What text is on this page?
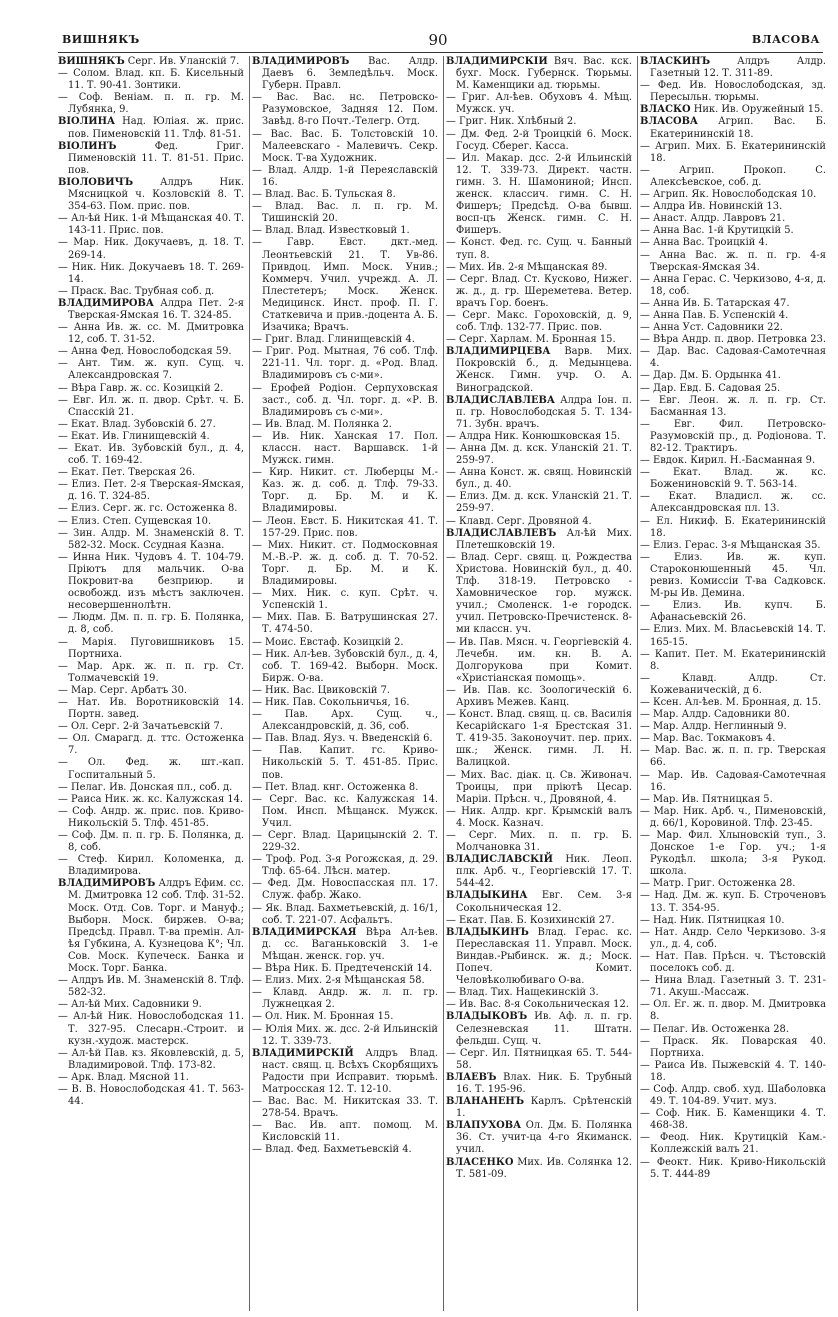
ВИШНЯКЪ	90	ВЛАСОВА

ВИШНЯКЪ Серг. Ив. Уланскій 7.

— Солом. Влад. кп. Б. Кисельный 11. Т. 90-41. Зонтики.

— Соф. Веніам. п. п. гр. М. Лубянка, 9.

ВІОЛИНА Над. Юліая. ж. прис. пов. Пименовскій 11. Тлф. 81-51.

ВІОЛИНЪ Фед. Григ. Пименовскій 11. Т. 81-51. Прис. пов.

ВІОЛОВИЧЪ Алдръ Ник. Мясницкой ч. Козловскій 8. Т. 354-63. Пом. прис. пов.

— Ал-ѣй Ник. 1-й Мѣщанская 40. Т. 143-11. Прис. пов.

— Мар. Ник. Докучаевъ, д. 18. Т. 269-14.

— Ник. Ник. Докучаевъ 18. Т. 269-14.

— Праск. Вас. Трубная соб. д.

ВЛАДИМИРОВА Алдра Пет. 2-я Тверская-Ямская 16. Т. 324-85.

— Анна Ив. ж. сс. М. Дмитровка 12, соб. Т. 31-52.

— Анна Фед. Новослободская 59.

— Ант. Тим. ж. куп. Сущ. ч. Александровская 7.

— Вѣра Гавр. ж. сс. Козицкій 2.

— Евг. Ил. ж. п. двор. Срѣт. ч. Б. Спасскій 21.

— Екат. Влад. Зубовскій б. 27.

— Екат. Ив. Глинищевскій 4.

— Екат. Ив. Зубовскій бул., д. 4, соб. Т. 169-42.

— Екат. Пет. Тверская 26.

— Елиз. Пет. 2-я Тверская-Ямская, д. 16. Т. 324-85.

— Елиз. Серг. ж. гс. Остоженка 8.

— Елиз. Степ. Сущевская 10.

— Зин. Алдр. М. Знаменскій 8. Т. 582-32. Моск. Ссудная Казна.

— Инна Ник. Чудовъ 4. Т. 104-79. Пріютъ для мальчик. О-ва Покровит-ва безприюр. и освобожд. изъ мѣстъ заключен. несовершеннолѣтн.

— Людм. Дм. п. п. гр. Б. Полянка, д. 8, соб.

— Марія. Пуговишниковъ 15. Портниха.

— Мар. Арк. ж. п. п. гр. Ст. Толмачевскій 19.

— Мар. Серг. Арбатъ 30.

— Нат. Ив. Воротниковскій 14. Портн. завед.

— Ол. Серг. 2-й Зачатьевскій 7.

— Ол. Смарагд. д. ттс. Остоженка 7.

— Ол. Фед. ж. шт.-кап. Госпитальный 5.

— Пелаг. Ив. Донская пл., соб. д.

— Раиса Ник. ж. кс. Калужская 14.

— Соф. Андр. ж. прис. пов. Криво-Никольскій 5. Тлф. 451-85.

— Соф. Дм. п. п. гр. Б. Полянка, д. 8, соб.

— Стеф. Кирил. Коломенка, д. Владимирова.

ВЛАДИМИРОВЪ Алдръ Ефим. сс. М. Дмитровка 12 соб. Тлф. 31-52. Моск. Отд. Сов. Торг. и Мануф.; Выборн. Моск. биржев. О-ва; Предсѣд. Правл. Т-ва премін. Ал-ѣя Губкина, А. Кузнецова К°; Чл. Сов. Моск. Купеческ. Банка и Моск. Торг. Банка.

— Алдръ Ив. М. Знаменскій 8. Тлф. 582-32.

— Ал-ѣй Мих. Садовники 9.

— Ал-ѣй Ник. Новослободская 11. Т. 327-95. Слесарн.-Строит. и кузн.-худож. мастерск.

— Ал-ѣй Пав. кз. Яковлевскій, д. 5, Владимировой. Тлф. 173-82.

— Арк. Влад. Мясной 11.

— В. В. Новослободская 41. Т. 563-44.

ВЛАДИМИРОВЪ Вас. Алдр. Даевъ 6. Земледѣльч. Моск. Губерн. Правл.

— Вас. Вас. нс. Петровско-Разумовское, Задняя 12. Пом. Завѣд. 8-го Почт.-Телегр. Отд.

— Вас. Вас. Б. Толстовскій 10. Малеевскаго - Малевичъ. Секр. Моск. Т-ва Художник.

— Влад. Алдр. 1-й Переяславскій 16.

— Влад. Вас. Б. Тульская 8.

— Влад. Вас. л. п. гр. М. Тишинскій 20.

— Влад. Влад. Известковый 1.

— Гавр. Евст. дкт.-мед. Леонтьевскій 21. Т. Ув-86. Привдоц. Имп. Моск. Унив.; Коммерч. Учил. учрежд. А. Л. Плестетеръ; Моск. Женск. Медицинск. Инст. проф. П. Г. Статкевича и прив.-доцента А. Б. Изачика; Врачъ.

— Григ. Влад. Глинищевскій 4.

— Григ. Род. Мытная, 76 соб. Тлф. 221-11. Чл. торг. д. «Род. Влад. Владимировъ съ с-ми».

— Ерофей Родіон. Серпуховская заст., соб. д. Чл. торг. д. «Р. В. Владимировъ съ с-ми».

— Ив. Влад. М. Полянка 2.

— Ив. Ник. Ханская 17. Пол. классн. наст. Варшавск. 1-й Мужск. гимн.

— Кир. Никит. ст. Люберцы М.-Каз. ж. д. соб. д. Тлф. 79-33. Торг. д. Бр. М. и К. Владимировы.

— Леон. Евст. Б. Никитская 41. Т. 157-29. Прис. пов.

— Мих. Никит. ст. Подмосковная М.-В.-Р. ж. д. соб. д. Т. 70-52. Торг. д. Бр. М. и К. Владимировы.

— Мих. Ник. с. куп. Срѣт. ч. Успенскій 1.

— Мих. Пав. Б. Ватрушинская 27. Т. 474-50.

— Моис. Евстаф. Козицкій 2.

— Ник. Ал-ѣев. Зубовскій бул., д. 4, соб. Т. 169-42. Выборн. Моск. Бирж. О-ва.

— Ник. Вас. Цвиковскій 7.

— Ник. Пав. Сокольничья, 16.

— Пав. Арх. Сущ. ч., Александровскій, д. 36, соб.

— Пав. Влад. Яуз. ч. Введенскій 6.

— Пав. Капит. гс. Криво-Никольскій 5. Т. 451-85. Прис. пов.

— Пет. Влад. кнг. Остоженка 8.

— Серг. Вас. кс. Калужская 14. Пом. Инсп. Мѣщанск. Мужск. Учил.

— Серг. Влад. Царицынскій 2. Т. 229-32.

— Троф. Род. 3-я Рогожская, д. 29. Тлф. 65-64. Лѣсн. матер.

— Фед. Дм. Новоспасская пл. 17. Служ. фабр. Жако.

— Як. Влад. Бахметьевскій, д. 16/1, соб. Т. 221-07. Асфальтъ.

ВЛАДИМИРСКАЯ Вѣра Ал-ѣев. д. сс. Ваганьковскій 3. 1-е Мѣщан. женск. гор. уч.

— Вѣра Ник. Б. Предтеченскій 14.

— Елиз. Мих. 2-я Мѣщанская 58.

— Клавд. Андр. ж. л. п. гр. Лужнецкая 2.

— Ол. Ник. М. Бронная 15.

— Юлія Мих. ж. дсс. 2-й Ильинскій 12. Т. 339-73.

ВЛАДИМИРСКІЙ Алдръ Влад. наст. свящ. ц. Всѣхъ Скорбящихъ Радости при Исправит. тюрьмѣ. Матросская 12. Т. 12-10.

— Вас. Вас. М. Никитская 33. Т. 278-54. Врачъ.

— Вас. Ив. апт. помощ. М. Кисловскій 11.

— Влад. Фед. Бахметьевскій 4.

ВЛАДИМИРСКІЙ Вяч. Вас. кск. бухг. Моск. Губернск. Тюрьмы. М. Каменщики ад. тюрьмы.

— Григ. Ал-ѣев. Обуховъ 4. Мѣщ. Мужск. уч.

— Григ. Ник. Хлѣбный 2.

— Дм. Фед. 2-й Троицкій 6. Моск. Госуд. Сберег. Касса.

— Ил. Макар. дсс. 2-й Ильинскій 12. Т. 339-73. Директ. частн. гимн. З. Н. Шамониной; Инсп. женск. классич. гимн. С. Н. Фишеръ; Предсѣд. О-ва бывш. восп-цъ Женск. гимн. С. Н. Фишеръ.

— Конст. Фед. гс. Сущ. ч. Банный туп. 8.

— Мих. Ив. 2-я Мѣщанская 89.

— Серг. Влад. Ст. Кусково, Нижег. ж. д., д. гр. Шереметева. Ветер. врачъ Гор. боенъ.

— Серг. Макс. Гороховскій, д. 9, соб. Тлф. 132-77. Прис. пов.

— Серг. Харлам. М. Бронная 15.

ВЛАДИМИРЦЕВА Варв. Мих. Покровскій б., д. Медынцева. Женск. Гимн. учр. О. А. Виноградской.

ВЛАДИСЛАВЛЕВА Алдра Іон. п. п. гр. Новослободская 5. Т. 134-71. Зубн. врачъ.

— Алдра Ник. Конюшковская 15.

— Анна Дм. д. кск. Уланскій 21. Т. 259-97.

— Анна Конст. ж. свящ. Новинскій бул., д. 40.

— Елиз. Дм. д. кск. Уланскій 21. Т. 259-97.

— Клавд. Серг. Дровяной 4.

ВЛАДИСЛАВЛЕВЪ Ал-ѣй Мих. Плетешковскій 19.

— Влад. Серг. свящ. ц. Рождества Христова. Новинскій бул., д. 40. Тлф. 318-19. Петровско - Хамовническое гор. мужск. учил.; Смоленск. 1-е городск. учил. Петровско-Пречистенск. 8-ми классн. уч.

— Ив. Пав. Мясн. ч. Георгіевскій 4. Лечебн. им. кн. В. А. Долгорукова при Комит. «Христіанская помощь».

— Ив. Пав. кс. Зоологическій 6. Архивъ Межев. Канц.

— Конст. Влад. свящ. ц. св. Василія Кесарійскаго 1-я Брестская 31. Т. 419-35. Законоучит. пер. прих. шк.; Женск. гимн. Л. Н. Валицкой.

— Мих. Вас. діак. ц. Св. Живонач. Троицы, при пріютѣ Цесар. Маріи. Прѣсн. ч., Дровяной, 4.

— Ник. Алдр. крг. Крымскій валъ 4. Моск. Казнач.

— Серг. Мих. п. п. гр. Б. Молчановка 31.

ВЛАДИСЛАВСКІЙ Ник. Леоп. плк. Арб. ч., Георгіевскій 17. Т. 544-42.

ВЛАДЫКИНА Евг. Сем. 3-я Сокольническая 12.

— Екат. Пав. Б. Козихинскій 27.

ВЛАДЫКИНЪ Влад. Герас. кс. Переславская 11. Управл. Моск. Виндав.-Рыбинск. ж. д.; Моск. Попеч. Комит. Человѣколюбиваго О-ва.

— Влад. Тих. Нащекинскій 3.

— Ив. Вас. 8-я Сокольническая 12.

ВЛАДЫКОВЪ Ив. Аф. л. п. гр. Селезневская 11. Штатн. фельдш. Сущ. ч.

— Серг. Ил. Пятницкая 65. Т. 544-58.

ВЛАЕВЪ Влах. Ник. Б. Трубный 16. Т. 195-96.

ВЛАНАНЕНЪ Карлъ. Срѣтенскій 1.

ВЛАПУХОВА Ол. Дм. Б. Полянка 36. Ст. учит-ца 4-го Якиманск. учил.

ВЛАСЕНКО Мих. Ив. Солянка 12. Т. 581-09.

ВЛАСКИНЪ Алдръ Алдр. Газетный 12. Т. 311-89.

— Фед. Ив. Новослободская, зд. Пересыльн. тюрьмы.

ВЛАСКО Ник. Ив. Оружейный 15.

ВЛАСОВА Агрип. Вас. Б. Екатерининскій 18.

— Агрип. Мих. Б. Екатерининскій 18.

— Агрип. Прокоп. С. Алексѣевское, соб. д.

— Агрип. Як. Новослободская 10.

— Алдра Ив. Новинскій 13.

— Анаст. Алдр. Лавровъ 21.

— Анна Вас. 1-й Крутицкій 5.

— Анна Вас. Троицкій 4.

— Анна Вас. ж. п. п. гр. 4-я Тверская-Ямская 34.

— Анна Герас. С. Черкизово, 4-я, д. 18, соб.

— Анна Ив. Б. Татарская 47.

— Анна Пав. Б. Успенскій 4.

— Анна Уст. Садовники 22.

— Вѣра Андр. п. двор. Петровка 23.

— Дар. Вас. Садовая-Самотечная 4.

— Дар. Дм. Б. Ордынка 41.

— Дар. Евд. Б. Садовая 25.

— Евг. Леон. ж. л. п. гр. Ст. Басманная 13.

— Евг. Фил. Петровско-Разумовскій пр., д. Родіонова. Т. 82-12. Трактиръ.

— Евдок. Кирил. Н.-Басманная 9.

— Екат. Влад. ж. кс. Божениновскій 9. Т. 563-14.

— Екат. Владисл. ж. сс. Александровская пл. 13.

— Ел. Никиф. Б. Екатерининскій 18.

— Елиз. Герас. 3-я Мѣщанская 35.

— Елиз. Ив. ж. куп. Староконюшенный 45. Чл. ревиз. Комиссіи Т-ва Садковск. М-ры Ив. Демина.

— Елиз. Ив. купч. Б. Афанасьевскій 26.

— Елиз. Мих. М. Власьевскій 14. Т. 165-15.

— Капит. Пет. М. Екатерининскій 8.

— Клавд. Алдр. Ст. Кожеваническій, д 6.

— Ксен. Ал-ѣев. М. Бронная, д. 15.

— Мар. Алдр. Садовники 80.

— Мар. Алдр. Неглинный 9.

— Мар. Вас. Токмаковъ 4.

— Мар. Вас. ж. п. п. гр. Тверская 66.

— Мар. Ив. Садовая-Самотечная 16.

— Мар. Ив. Пятницкая 5.

— Мар. Ник. Арб. ч., Пименовскій, д. 66/1, Коровиной. Тлф. 23-45.

— Мар. Фил. Хлыновскій туп., 3. Донское 1-е Гор. уч.; 1-я Рукодѣл. школа; 3-я Рукод. школа.

— Матр. Григ. Остоженка 28.

— Над. Дм. ж. куп. Б. Строченовъ 13. Т. 354-95.

— Над. Ник. Пятницкая 10.

— Нат. Андр. Село Черкизово. 3-я ул., д. 4, соб.

— Нат. Пав. Прѣсн. ч. Тѣстовскій поселокъ соб. д.

— Нина Влад. Газетный 3. Т. 231-71. Акуш.-Массаж.

— Ол. Ег. ж. п. двор. М. Дмитровка 8.

— Пелаг. Ив. Остоженка 28.

— Праск. Як. Поварская 40. Портниха.

— Раиса Ив. Пыжевскій 4. Т. 140-18.

— Соф. Алдр. своб. худ. Шаболовка 49. Т. 104-89. Учит. муз.

— Соф. Ник. Б. Каменщики 4. Т. 468-38.

— Феод. Ник. Крутицкій Кам.-Коллежскій валъ 21.

— Феокт. Ник. Криво-Никольскій 5. Т. 444-89
